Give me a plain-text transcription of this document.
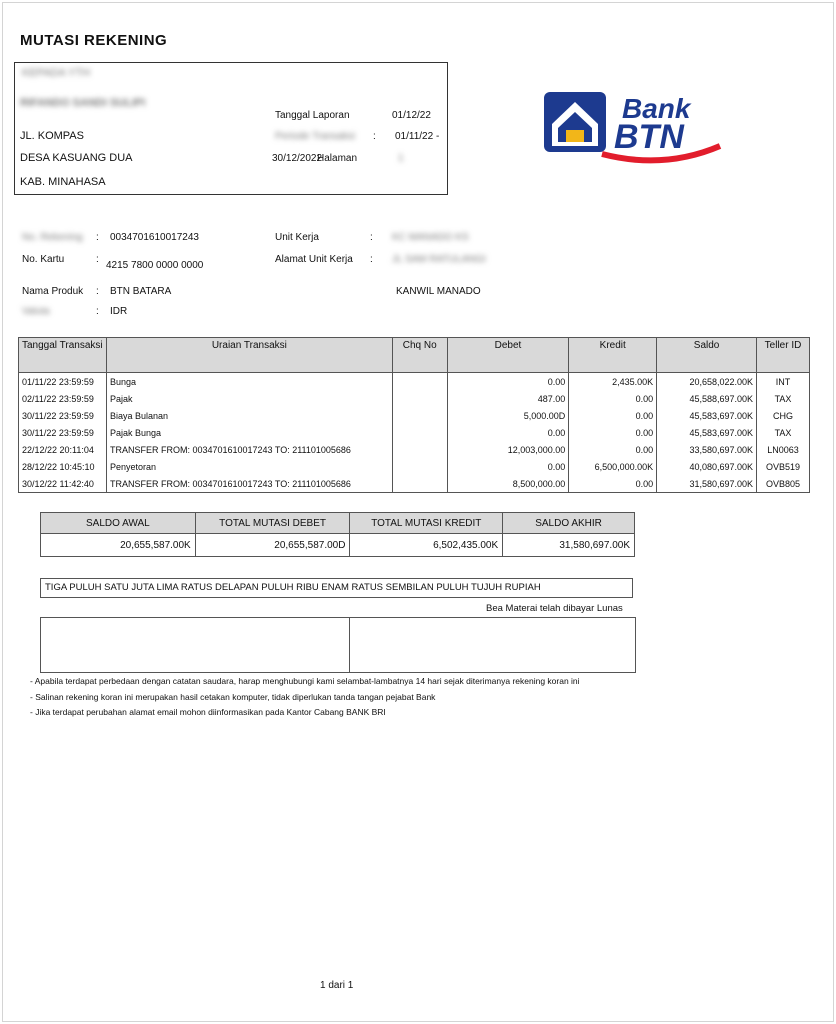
MUTASI REKENING
KEPADA YTH
RIFANDO SANDI SULIPI
JL. KOMPAS
DESA KASUANG DUA
KAB. MINAHASA
Tanggal Laporan	01/12/22
Periode Transaksi : 01/11/22 -
30/12/2022
Halaman	1
Bank
BTN
No. Rekening : 0034701610017243
No. Kartu	:
4215 7800 0000 0000
Nama Produk : BTN BATARA
Valuta	: IDR
Unit Kerja	: KC MANADO KS
Alamat Unit Kerja : JL SAM RATULANGI
KANWIL MANADO
Tanggal Transaksi	Uraian Transaksi	Chq No	Debet	Kredit	Saldo	Teller ID
01/11/22 23:59:59	Bunga		0.00	2,435.00K	20,658,022.00K	INT
02/11/22 23:59:59	Pajak		487.00	0.00	45,588,697.00K	TAX
30/11/22 23:59:59	Biaya Bulanan		5,000.00D	0.00	45,583,697.00K	CHG
30/11/22 23:59:59	Pajak Bunga		0.00	0.00	45,583,697.00K	TAX
22/12/22 20:11:04	TRANSFER FROM: 0034701610017243 TO: 211101005686		12,003,000.00	0.00	33,580,697.00K	LN0063
28/12/22 10:45:10	Penyetoran		0.00	6,500,000.00K	40,080,697.00K	OVB519
30/12/22 11:42:40	TRANSFER FROM: 0034701610017243 TO: 211101005686		8,500,000.00	0.00	31,580,697.00K	OVB805
SALDO AWAL	TOTAL MUTASI DEBET	TOTAL MUTASI KREDIT	SALDO AKHIR
20,655,587.00K	20,655,587.00D	6,502,435.00K	31,580,697.00K
TIGA PULUH SATU JUTA LIMA RATUS DELAPAN PULUH RIBU ENAM RATUS SEMBILAN PULUH TUJUH RUPIAH
Bea Materai telah dibayar Lunas
- Apabila terdapat perbedaan dengan catatan saudara, harap menghubungi kami selambat-lambatnya 14 hari sejak diterimanya rekening koran ini
- Salinan rekening koran ini merupakan hasil cetakan komputer, tidak diperlukan tanda tangan pejabat Bank
- Jika terdapat perubahan alamat email mohon diinformasikan pada Kantor Cabang BANK BRI
1 dari 1
